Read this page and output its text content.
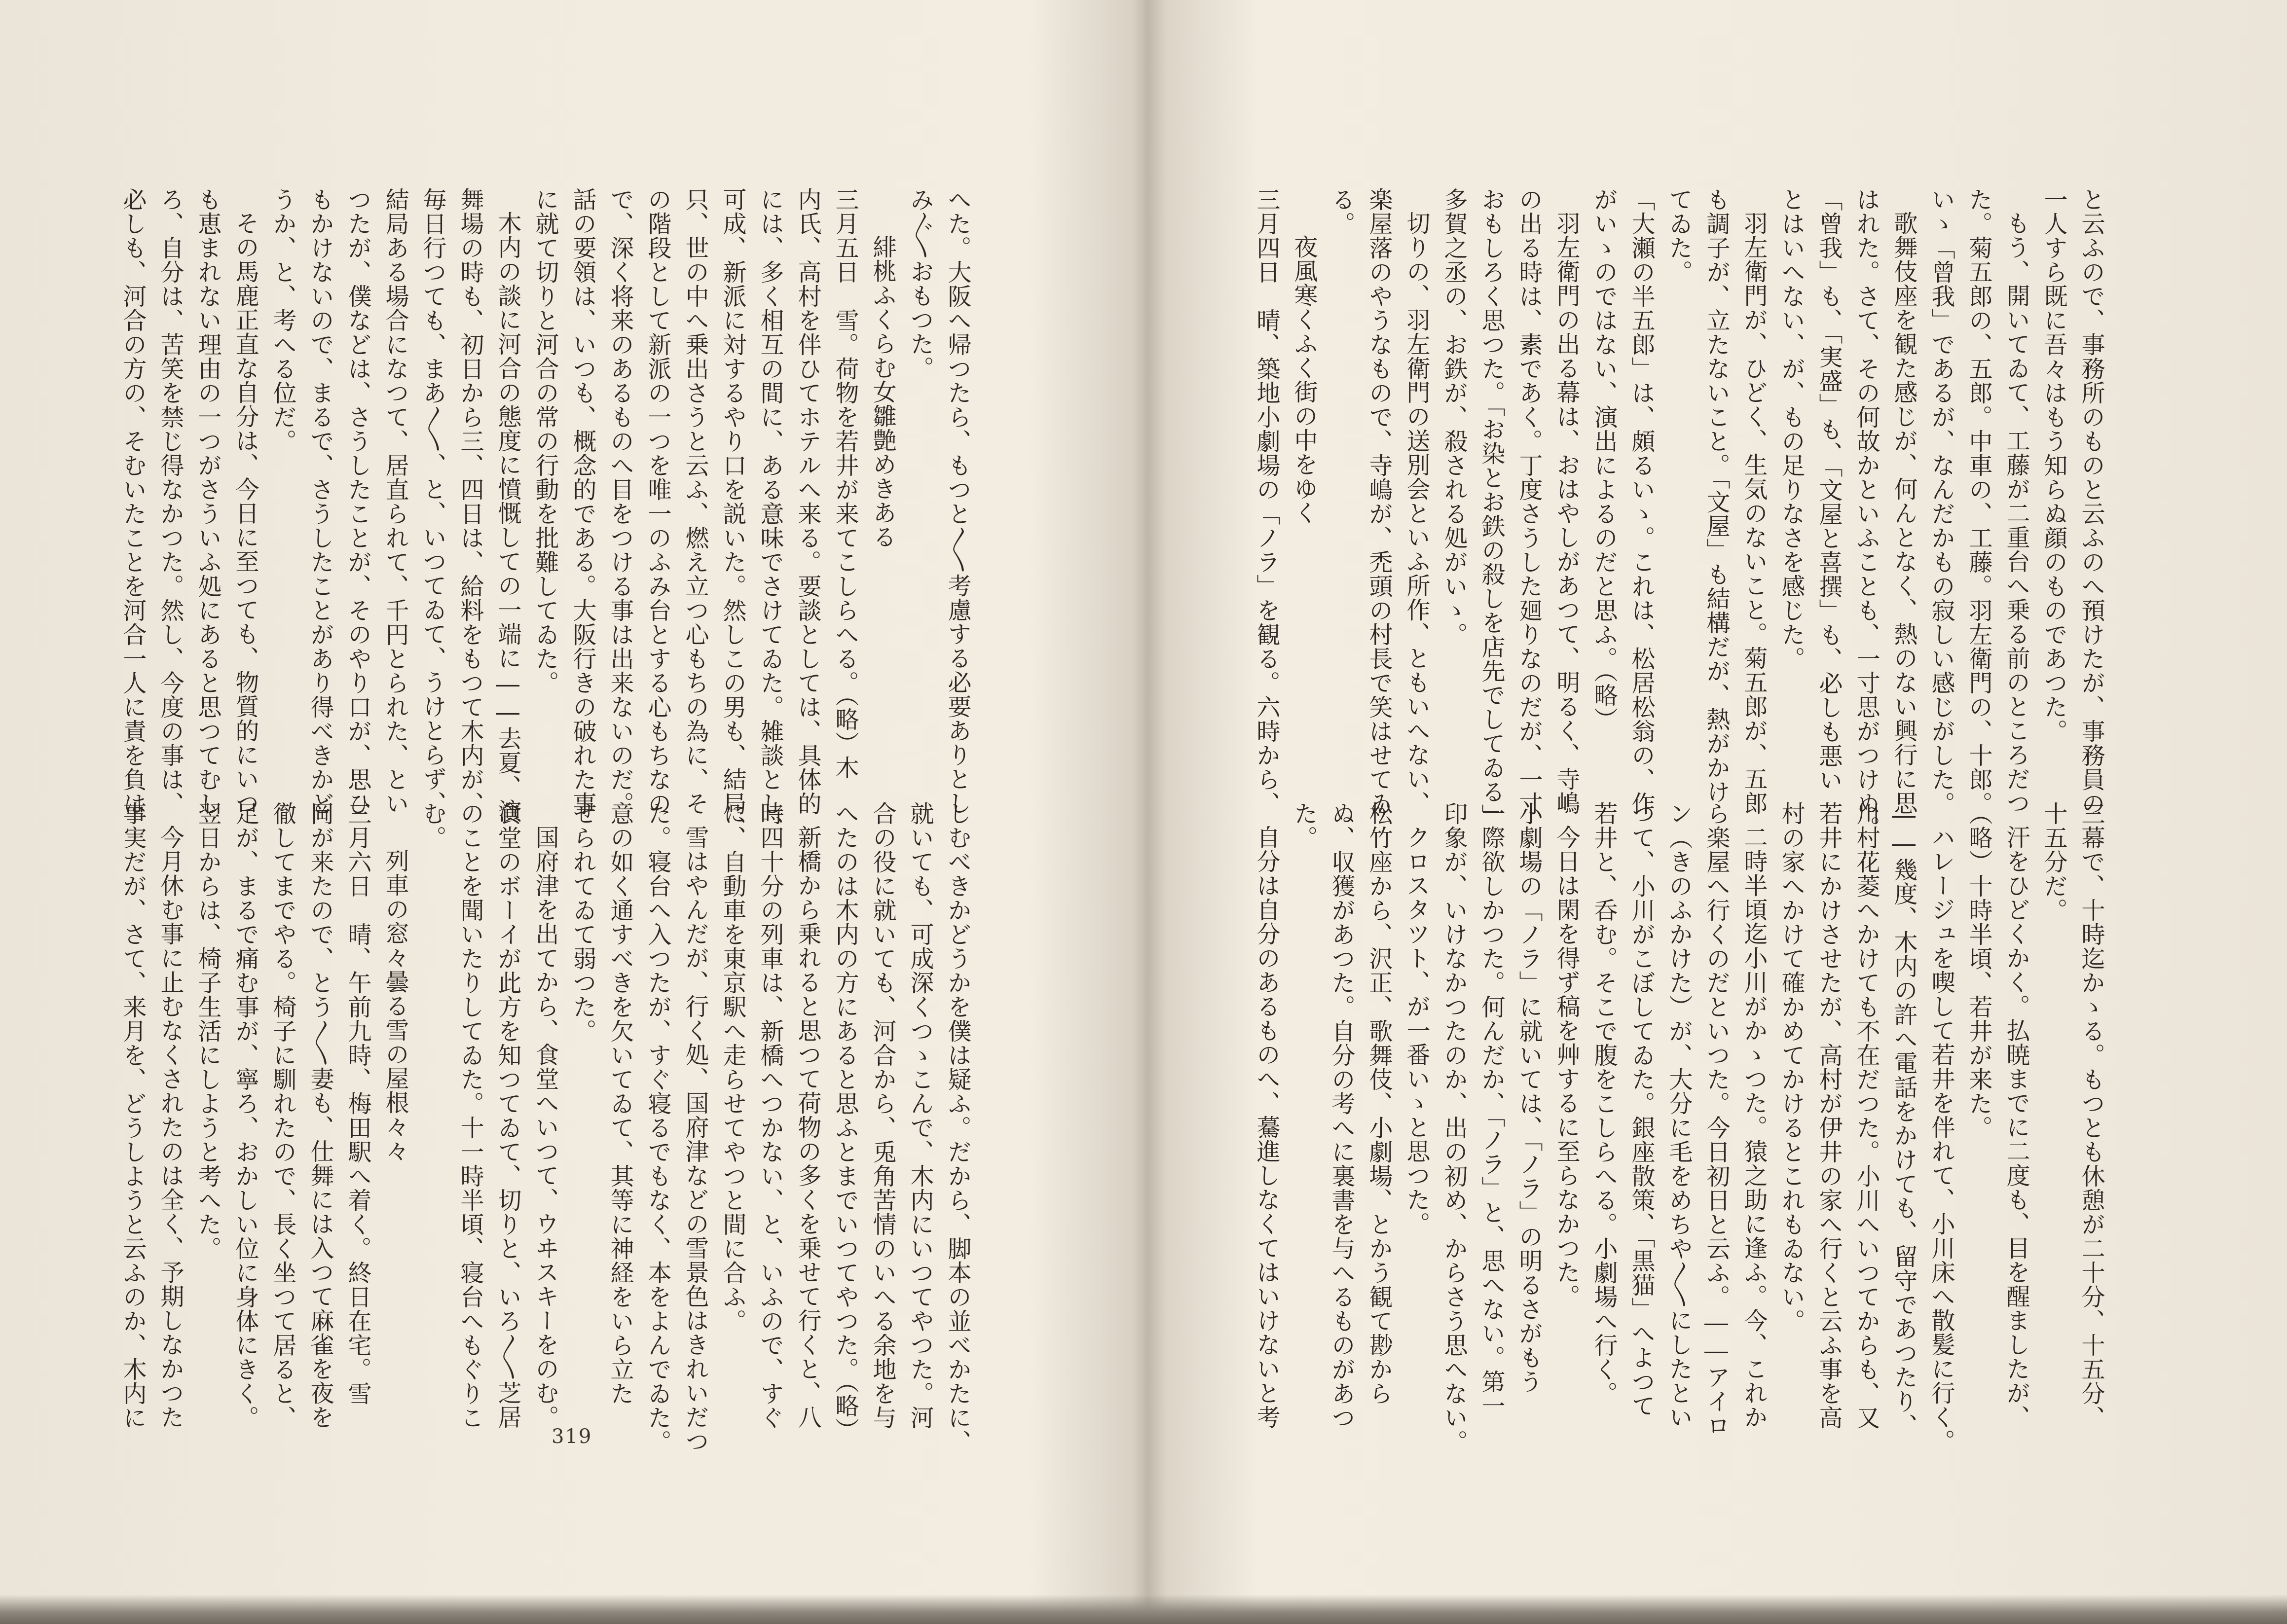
へた。大阪へ帰つたら、もつと〳〵考慮する必要ありとし
み〴〵おもつた。
緋桃ふくらむ女雛艶めきある
三月五日　雪。荷物を若井が来てこしらへる。（略）木
内氏、高村を伴ひてホテルへ来る。要談としては、具体的
には、多く相互の間に、ある意味でさけてゐた。雑談とし、
可成、新派に対するやり口を説いた。然しこの男も、結局、
只、世の中へ乗出さうと云ふ、燃え立つ心もちの為に、そ
の階段として新派の一つを唯一のふみ台とする心もちなの
で、深く将来のあるものへ目をつける事は出来ないのだ。
話の要領は、いつも、概念的である。大阪行きの破れた事
に就て切りと河合の常の行動を批難してゐた。
木内の談に河合の態度に憤慨しての一端に――去夏、演
舞場の時も、初日から三、四日は、給料をもつて木内が、
毎日行つても、まあ〳〵、と、いつてゐて、うけとらず、
結局ある場合になつて、居直られて、千円とられた、とい
つたが、僕などは、さうしたことが、そのやり口が、思ひ
もかけないので、まるで、さうしたことがあり得べきかど
うか、と、考へる位だ。
その馬鹿正直な自分は、今日に至つても、物質的にいつ
も恵まれない理由の一つがさういふ処にあると思つてむし
ろ、自分は、苦笑を禁じ得なかつた。然し、今度の事は、
必しも、河合の方の、そむいたことを河合一人に責を負は
しむべきかどうかを僕は疑ふ。だから、脚本の並べかたに、
就いても、可成深くつゝこんで、木内にいつてやつた。河
合の役に就いても、河合から、兎角苦情のいへる余地を与
へたのは木内の方にあると思ふとまでいつてやつた。（略）
新橋から乗れると思つて荷物の多くを乗せて行くと、八
時四十分の列車は、新橋へつかない、と、いふので、すぐ
に、自動車を東京駅へ走らせてやつと間に合ふ。
雪はやんだが、行く処、国府津などの雪景色はきれいだつ
た。寝台へ入つたが、すぐ寝るでもなく、本をよんでゐた。
意の如く通すべきを欠いてゐて、其等に神経をいら立た
せられてゐて弱つた。
国府津を出てから、食堂へいつて、ウヰスキーをのむ。
食堂のボーイが此方を知つてゐて、切りと、いろ〳〵芝居
のことを聞いたりしてゐた。十一時半頃、寝台へもぐりこ
む。
列車の窓々曇る雪の屋根々々
三月六日　晴、午前九時、梅田駅へ着く。終日在宅。雪
岡が来たので、とう〳〵妻も、仕舞には入つて麻雀を夜を
徹してまでやる。椅子に馴れたので、長く坐つて居ると、
足が、まるで痛む事が、寧ろ、おかしい位に身体にきく。
翌日からは、椅子生活にしようと考へた。
今月休む事に止むなくされたのは全く、予期しなかつた
事実だが、さて、来月を、どうしようと云ふのか、木内に
319
と云ふので、事務所のものと云ふのへ預けたが、事務員の
一人すら既に吾々はもう知らぬ顔のものであつた。
もう、開いてゐて、工藤が二重台へ乗る前のところだつ
た。菊五郎の、五郎。中車の、工藤。羽左衛門の、十郎。
いゝ「曾我」であるが、なんだかもの寂しい感じがした。
歌舞伎座を観た感じが、何んとなく、熱のない興行に思
はれた。さて、その何故かといふことも、一寸思がつけぬ。
「曾我」も、「実盛」も、「文屋と喜撰」も、必しも悪い
とはいへない、が、もの足りなさを感じた。
羽左衛門が、ひどく、生気のないこと。菊五郎が、五郎
も調子が、立たないこと。「文屋」も結構だが、熱がかけ
てゐた。
「大瀬の半五郎」は、頗るいゝ。これは、松居松翁の、作
がいゝのではない、演出によるのだと思ふ。（略）
羽左衛門の出る幕は、おはやしがあつて、明るく、寺嶋
の出る時は、素であく。丁度さうした廻りなのだが、一寸
おもしろく思つた。「お染とお鉄の殺しを店先でしてゐる」
多賀之丞の、お鉄が、殺される処がいゝ。
切りの、羽左衛門の送別会といふ所作、ともいへない、
楽屋落のやうなもので、寺嶋が、禿頭の村長で笑はせてゐ
る。
夜風寒くふく街の中をゆく
三月四日　晴、築地小劇場の「ノラ」を観る。六時から、
三幕で、十時迄かゝる。もつとも休憩が二十分、十五分、
十五分だ。
汗をひどくかく。払暁までに二度も、目を醒ましたが、
（略）十時半頃、若井が来た。
ハレージュを喫して若井を伴れて、小川床へ散髪に行く。
――幾度、木内の許へ電話をかけても、留守であつたり、
川村花菱へかけても不在だつた。小川へいつてからも、又
若井にかけさせたが、高村が伊井の家へ行くと云ふ事を高
村の家へかけて確かめてかけるとこれもゐない。
二時半頃迄小川がかゝつた。猿之助に逢ふ。今、これか
ら楽屋へ行くのだといつた。今日初日と云ふ。――アイロ
ン（きのふかけた）が、大分に毛をめちや〳〵にしたとい
つて、小川がこぼしてゐた。銀座散策、「黒猫」へよつて
若井と、呑む。そこで腹をこしらへる。小劇場へ行く。
今日は閑を得ず稿を艸するに至らなかつた。
小劇場の「ノラ」に就いては、「ノラ」の明るさがもう
一際欲しかつた。何んだか、「ノラ」と、思へない。第一
印象が、いけなかつたのか、出の初め、からさう思へない。
クロスタツト、が一番いゝと思つた。
松竹座から、沢正、歌舞伎、小劇場、とかう観て尠から
ぬ、収獲があつた。自分の考へに裏書を与へるものがあつ
た。
自分は自分のあるものへ、驀進しなくてはいけないと考
